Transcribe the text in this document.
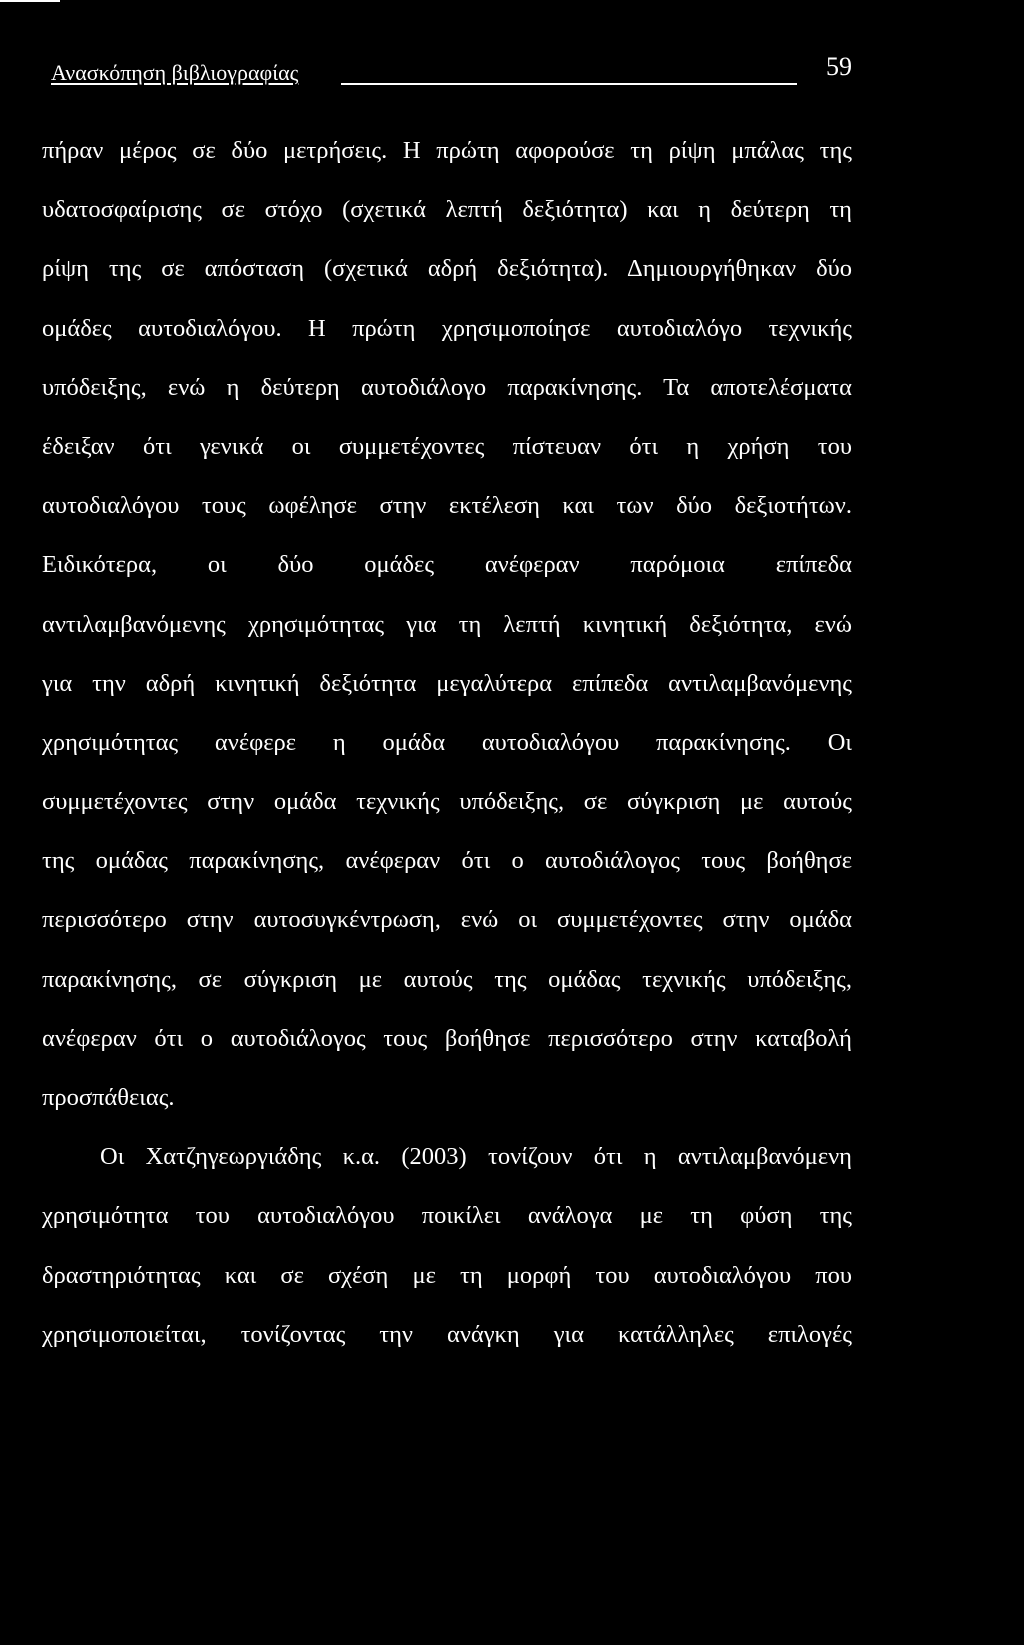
Ανασκόπηση βιβλιογραφίας	59
πήραν μέρος σε δύο μετρήσεις. Η πρώτη αφορούσε τη ρίψη μπάλας της
υδατοσφαίρισης σε στόχο (σχετικά λεπτή δεξιότητα) και η δεύτερη τη
ρίψη της σε απόσταση (σχετικά αδρή δεξιότητα). Δημιουργήθηκαν δύο
ομάδες αυτοδιαλόγου. Η πρώτη χρησιμοποίησε αυτοδιαλόγο τεχνικής
υπόδειξης, ενώ η δεύτερη αυτοδιάλογο παρακίνησης. Τα αποτελέσματα
έδειξαν ότι γενικά οι συμμετέχοντες πίστευαν ότι η χρήση του
αυτοδιαλόγου τους ωφέλησε στην εκτέλεση και των δύο δεξιοτήτων.
Ειδικότερα, οι δύο ομάδες ανέφεραν παρόμοια επίπεδα
αντιλαμβανόμενης χρησιμότητας για τη λεπτή κινητική δεξιότητα, ενώ
για την αδρή κινητική δεξιότητα μεγαλύτερα επίπεδα αντιλαμβανόμενης
χρησιμότητας ανέφερε η ομάδα αυτοδιαλόγου παρακίνησης. Οι
συμμετέχοντες στην ομάδα τεχνικής υπόδειξης, σε σύγκριση με αυτούς
της ομάδας παρακίνησης, ανέφεραν ότι ο αυτοδιάλογος τους βοήθησε
περισσότερο στην αυτοσυγκέντρωση, ενώ οι συμμετέχοντες στην ομάδα
παρακίνησης, σε σύγκριση με αυτούς της ομάδας τεχνικής υπόδειξης,
ανέφεραν ότι ο αυτοδιάλογος τους βοήθησε περισσότερο στην καταβολή
προσπάθειας.
Οι Χατζηγεωργιάδης κ.α. (2003) τονίζουν ότι η αντιλαμβανόμενη
χρησιμότητα του αυτοδιαλόγου ποικίλει ανάλογα με τη φύση της
δραστηριότητας και σε σχέση με τη μορφή του αυτοδιαλόγου που
χρησιμοποιείται, τονίζοντας την ανάγκη για κατάλληλες επιλογές
